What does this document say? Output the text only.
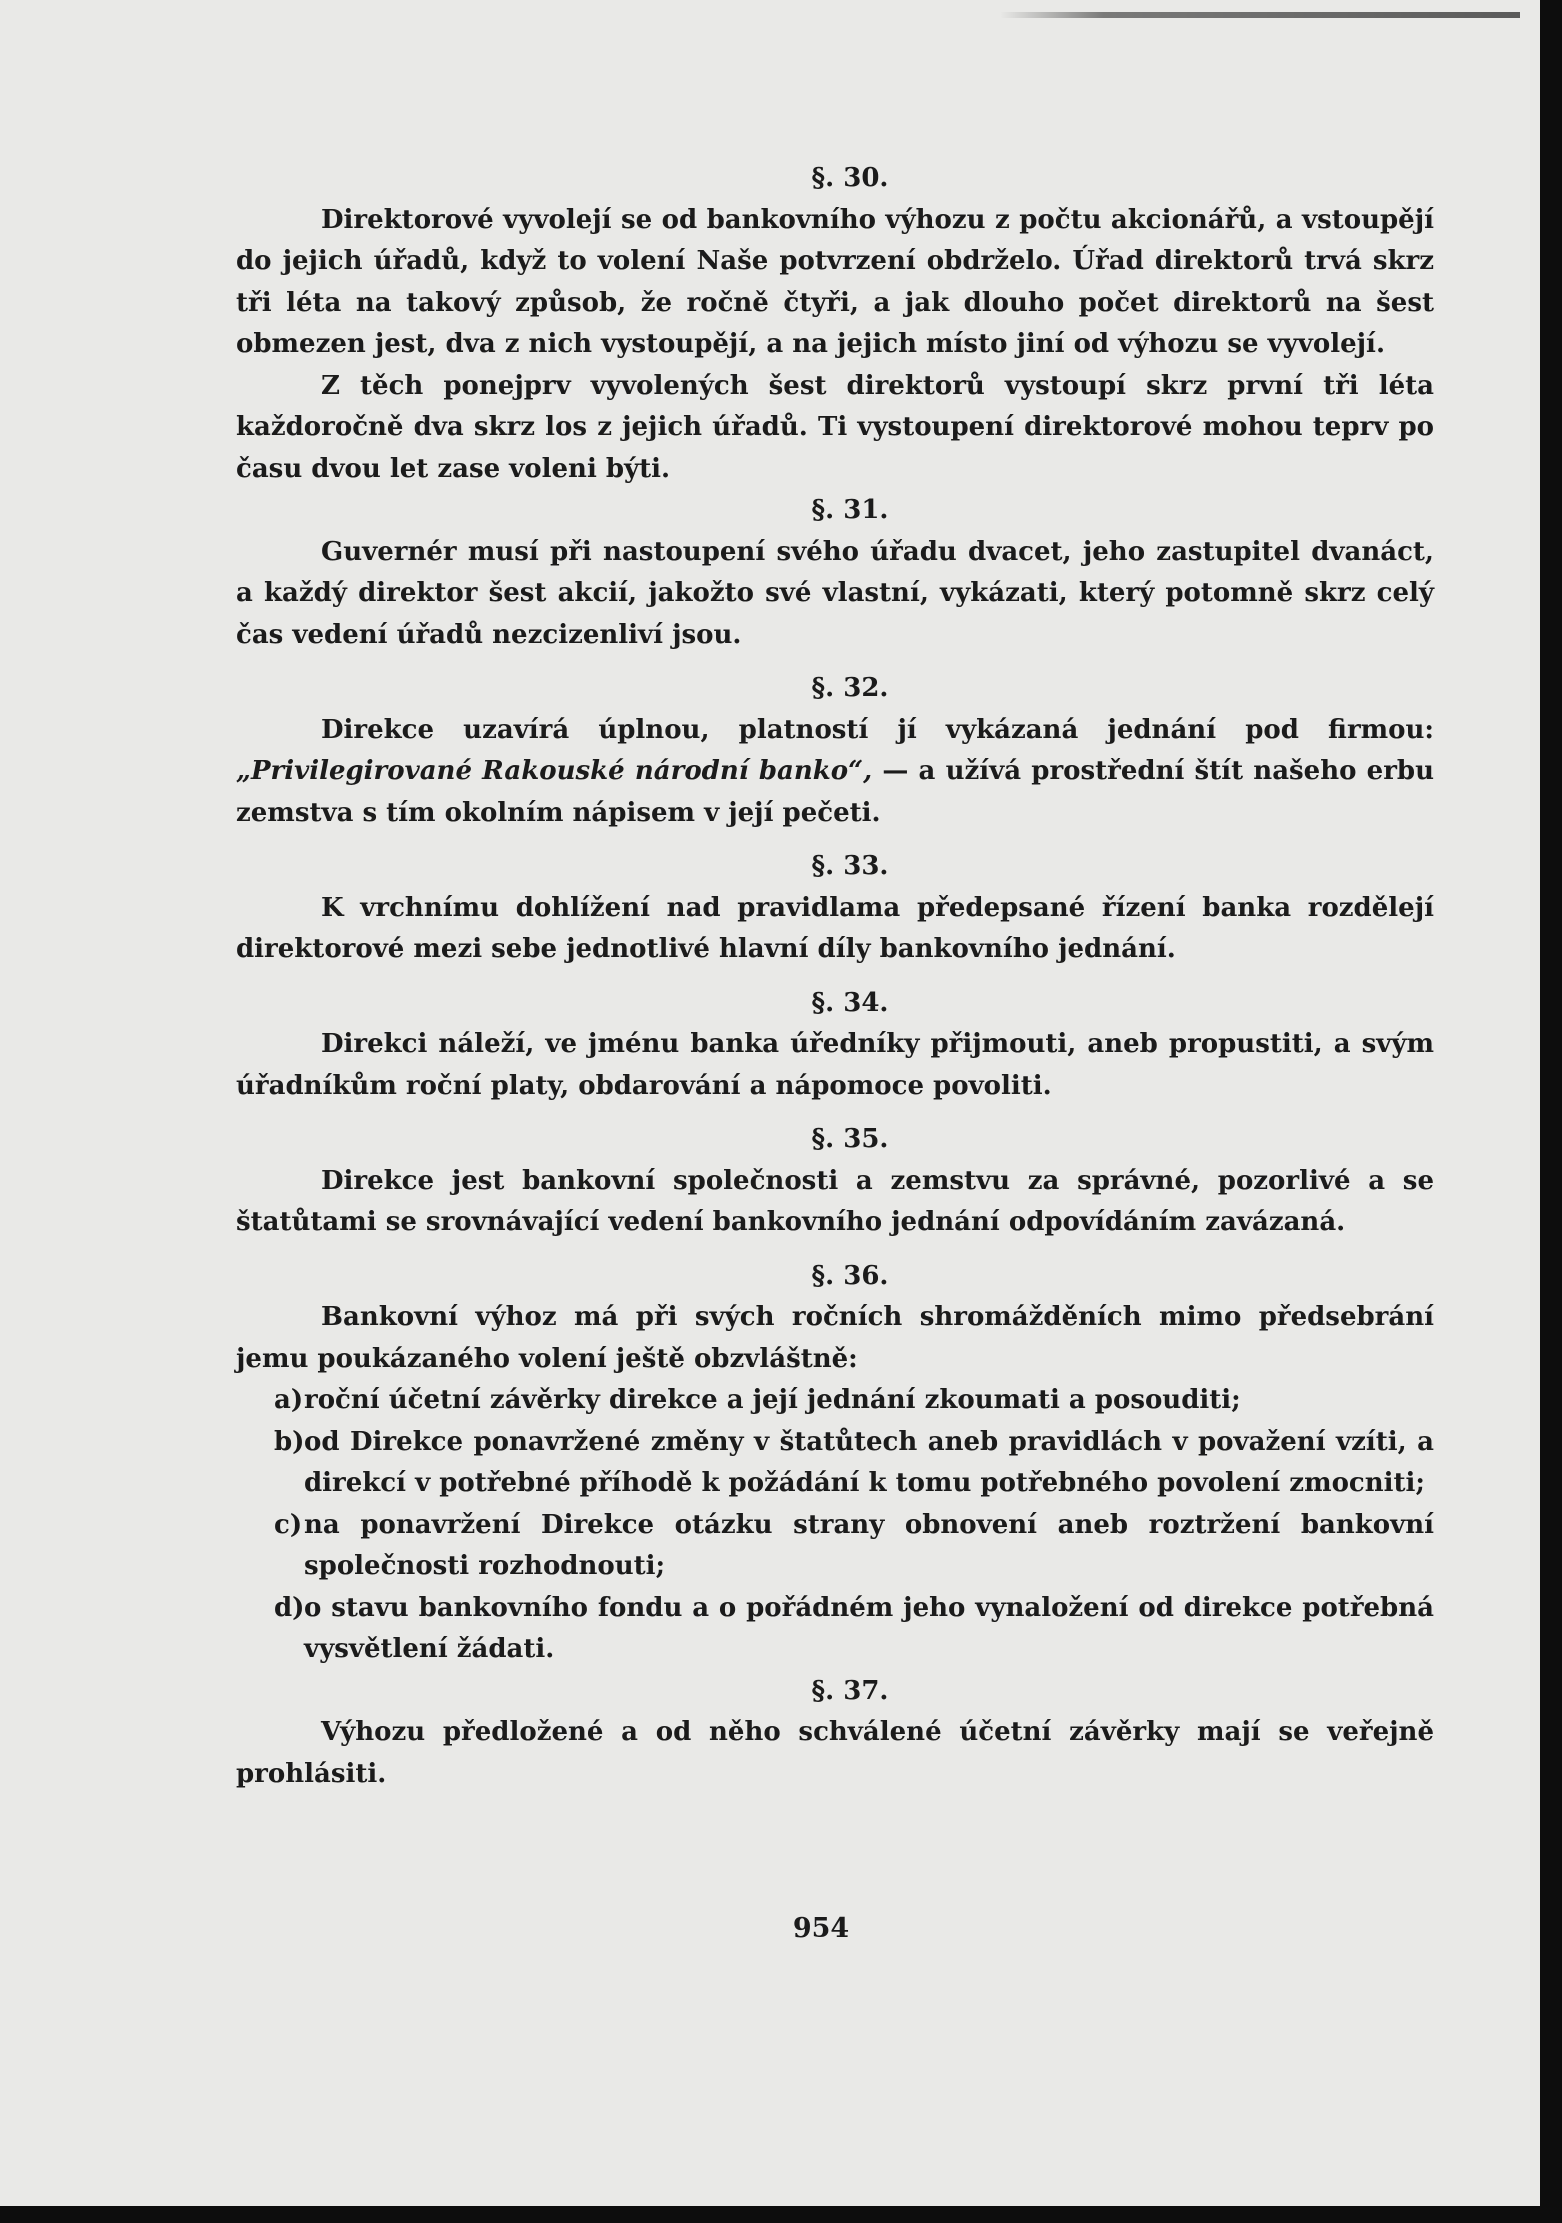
§. 30.

Direktorové vyvolejí se od bankovního výhozu z počtu akcionářů, a vstoupějí do jejich úřadů, když to volení Naše potvrzení obdrželo. Úřad direktorů trvá skrz tři léta na takový způsob, že ročně čtyři, a jak dlouho počet direktorů na šest obmezen jest, dva z nich vystoupějí, a na jejich místo jiní od výhozu se vyvolejí.

Z těch ponejprv vyvolených šest direktorů vystoupí skrz první tři léta každoročně dva skrz los z jejich úřadů. Ti vystoupení direktorové mohou teprv po času dvou let zase voleni býti.

§. 31.

Guvernér musí při nastoupení svého úřadu dvacet, jeho zastupitel dvanáct, a každý direktor šest akcií, jakožto své vlastní, vykázati, který potomně skrz celý čas vedení úřadů nezcizenliví jsou.

§. 32.

Direkce uzavírá úplnou, platností jí vykázaná jednání pod firmou: „Privilegirované Rakouské národní banko“, — a užívá prostřední štít našeho erbu zemstva s tím okolním nápisem v její pečeti.

§. 33.

K vrchnímu dohlížení nad pravidlama předepsané řízení banka rozdělejí direktorové mezi sebe jednotlivé hlavní díly bankovního jednání.

§. 34.

Direkci náleží, ve jménu banka úředníky přijmouti, aneb propustiti, a svým úřadníkům roční platy, obdarování a nápomoce povoliti.

§. 35.

Direkce jest bankovní společnosti a zemstvu za správné, pozorlivé a se štatůtami se srovnávající vedení bankovního jednání odpovídáním zavázaná.

§. 36.

Bankovní výhoz má při svých ročních shromážděních mimo předsebrání jemu poukázaného volení ještě obzvláštně:

a) roční účetní závěrky direkce a její jednání zkoumati a posouditi;
b) od Direkce ponavržené změny v štatůtech aneb pravidlách v považení vzíti, a direkcí v potřebné příhodě k požádání k tomu potřebného povolení zmocniti;
c) na ponavržení Direkce otázku strany obnovení aneb roztržení bankovní společnosti rozhodnouti;
d) o stavu bankovního fondu a o pořádném jeho vynaložení od direkce potřebná vysvětlení žádati.
§. 37.

Výhozu předložené a od něho schválené účetní závěrky mají se veřejně prohlásiti.

954
